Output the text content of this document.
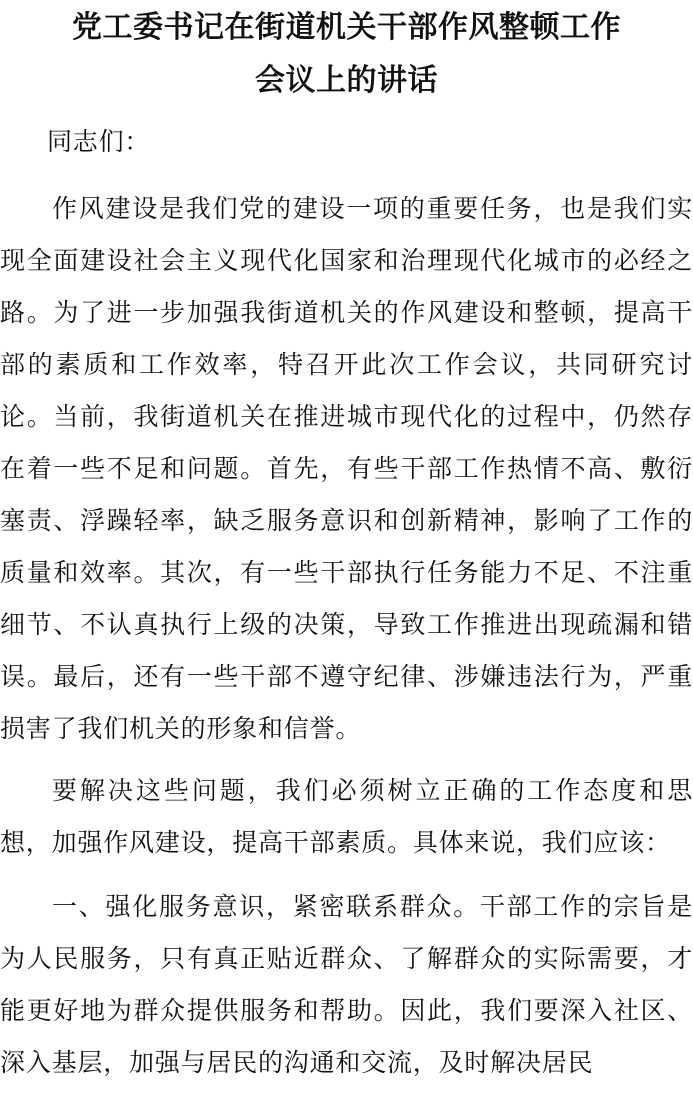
党工委书记在街道机关干部作风整顿工作
会议上的讲话
同志们：

作风建设是我们党的建设一项的重要任务，也是我们实现全面建设社会主义现代化国家和治理现代化城市的必经之路。为了进一步加强我街道机关的作风建设和整顿，提高干部的素质和工作效率，特召开此次工作会议，共同研究讨论。当前，我街道机关在推进城市现代化的过程中，仍然存在着一些不足和问题。首先，有些干部工作热情不高、敷衍塞责、浮躁轻率，缺乏服务意识和创新精神，影响了工作的质量和效率。其次，有一些干部执行任务能力不足、不注重细节、不认真执行上级的决策，导致工作推进出现疏漏和错误。最后，还有一些干部不遵守纪律、涉嫌违法行为，严重损害了我们机关的形象和信誉。

要解决这些问题，我们必须树立正确的工作态度和思想，加强作风建设，提高干部素质。具体来说，我们应该：

一、强化服务意识，紧密联系群众。干部工作的宗旨是为人民服务，只有真正贴近群众、了解群众的实际需要，才能更好地为群众提供服务和帮助。因此，我们要深入社区、深入基层，加强与居民的沟通和交流，及时解决居民
